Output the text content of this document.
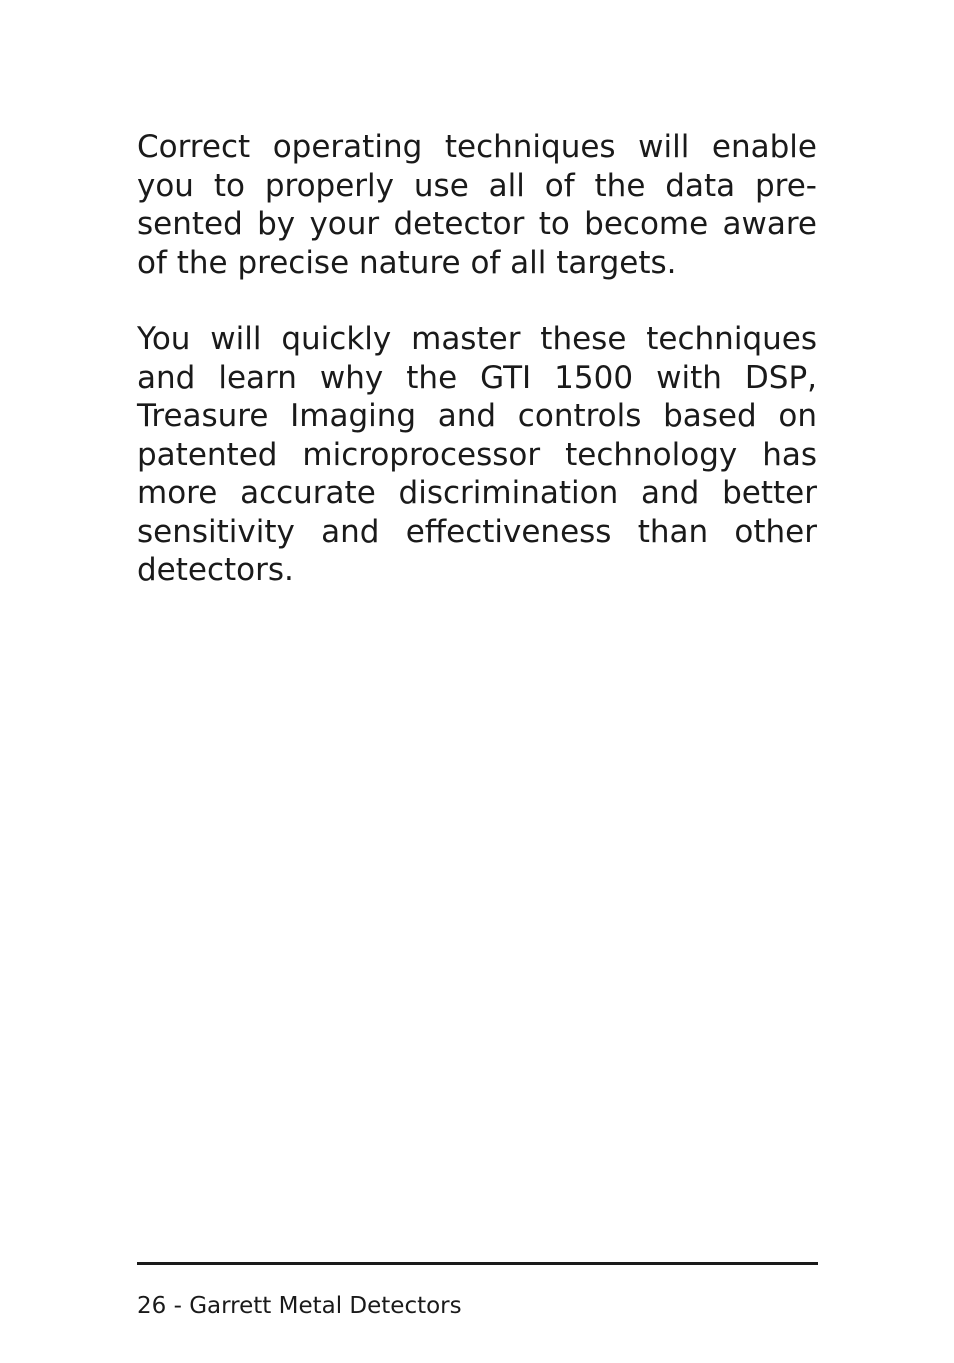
Correct operating techniques will enable
you to properly use all of the data pre-
sented by your detector to become aware
of the precise nature of all targets.

You will quickly master these techniques
and learn why the GTI 1500 with DSP,
Treasure Imaging and controls based on
patented microprocessor technology has
more accurate discrimination and better
sensitivity and effectiveness than other
detectors.

26 - Garrett Metal Detectors
